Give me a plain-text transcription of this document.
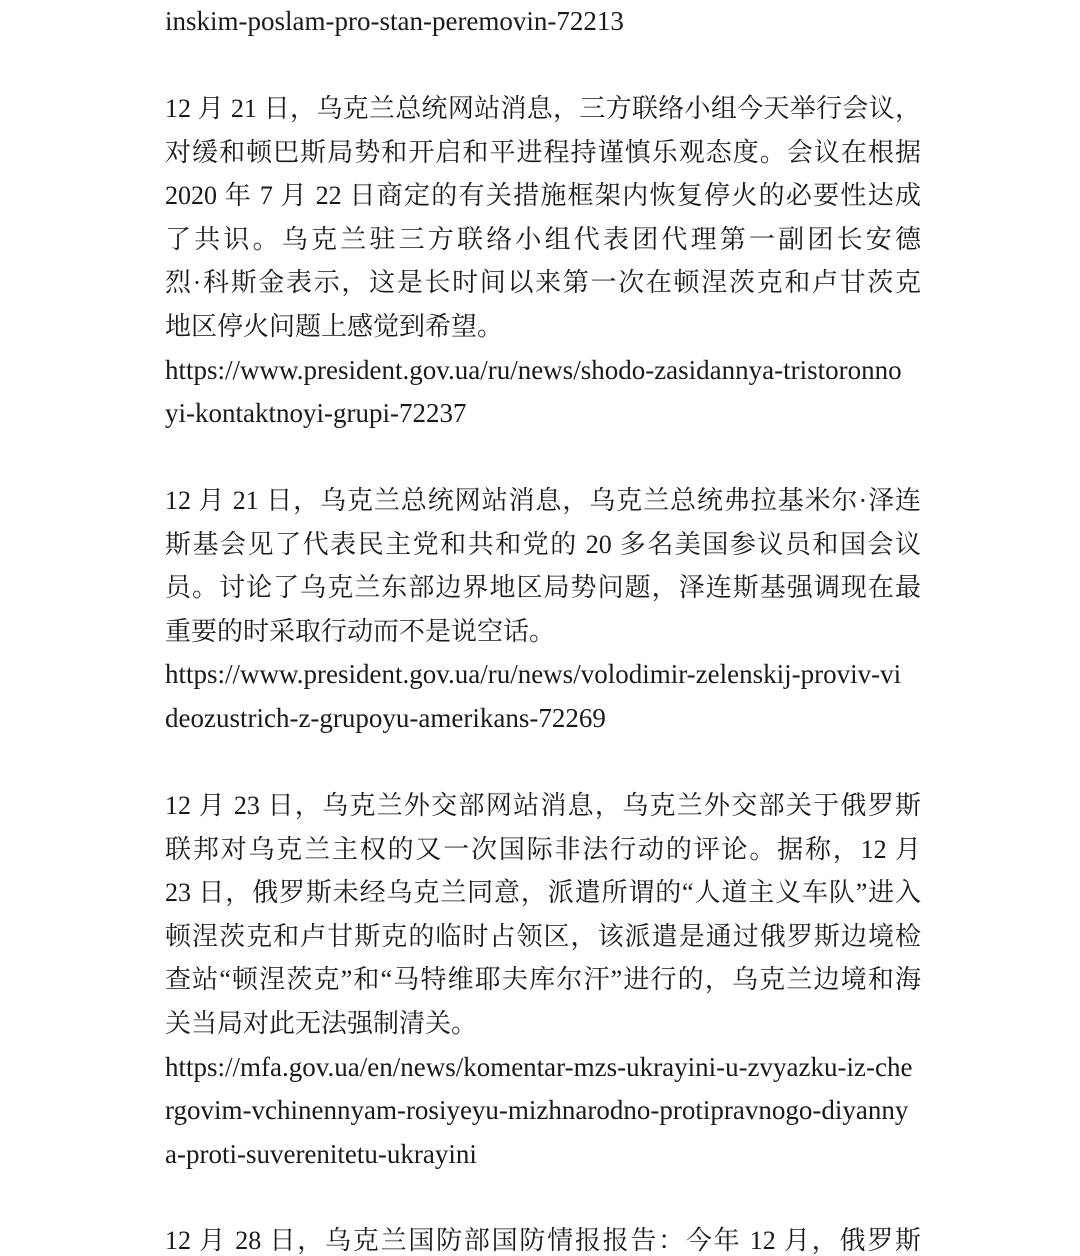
inskim-poslam-pro-stan-peremovin-72213
12 月 21 日，乌克兰总统网站消息，三方联络小组今天举行会议，
对缓和顿巴斯局势和开启和平进程持谨慎乐观态度。会议在根据
2020 年 7 月 22 日商定的有关措施框架内恢复停火的必要性达成
了共识。乌克兰驻三方联络小组代表团代理第一副团长安德
烈·科斯金表示，这是长时间以来第一次在顿涅茨克和卢甘茨克
地区停火问题上感觉到希望。
https://www.president.gov.ua/ru/news/shodo-zasidannya-tristoronno
yi-kontaktnoyi-grupi-72237
12 月 21 日，乌克兰总统网站消息，乌克兰总统弗拉基米尔·泽连
斯基会见了代表民主党和共和党的 20 多名美国参议员和国会议
员。讨论了乌克兰东部边界地区局势问题，泽连斯基强调现在最
重要的时采取行动而不是说空话。
https://www.president.gov.ua/ru/news/volodimir-zelenskij-proviv-vi
deozustrich-z-grupoyu-amerikans-72269
12 月 23 日，乌克兰外交部网站消息，乌克兰外交部关于俄罗斯
联邦对乌克兰主权的又一次国际非法行动的评论。据称，12 月
23 日，俄罗斯未经乌克兰同意，派遣所谓的“人道主义车队”进入
顿涅茨克和卢甘斯克的临时占领区，该派遣是通过俄罗斯边境检
查站“顿涅茨克”和“马特维耶夫库尔汗”进行的，乌克兰边境和海
关当局对此无法强制清关。
https://mfa.gov.ua/en/news/komentar-mzs-ukrayini-u-zvyazku-iz-che
rgovim-vchinennyam-rosiyeyu-mizhnarodno-protipravnogo-diyanny
a-proti-suverenitetu-ukrayini
12 月 28 日，乌克兰国防部国防情报报告：今年 12 月，俄罗斯
